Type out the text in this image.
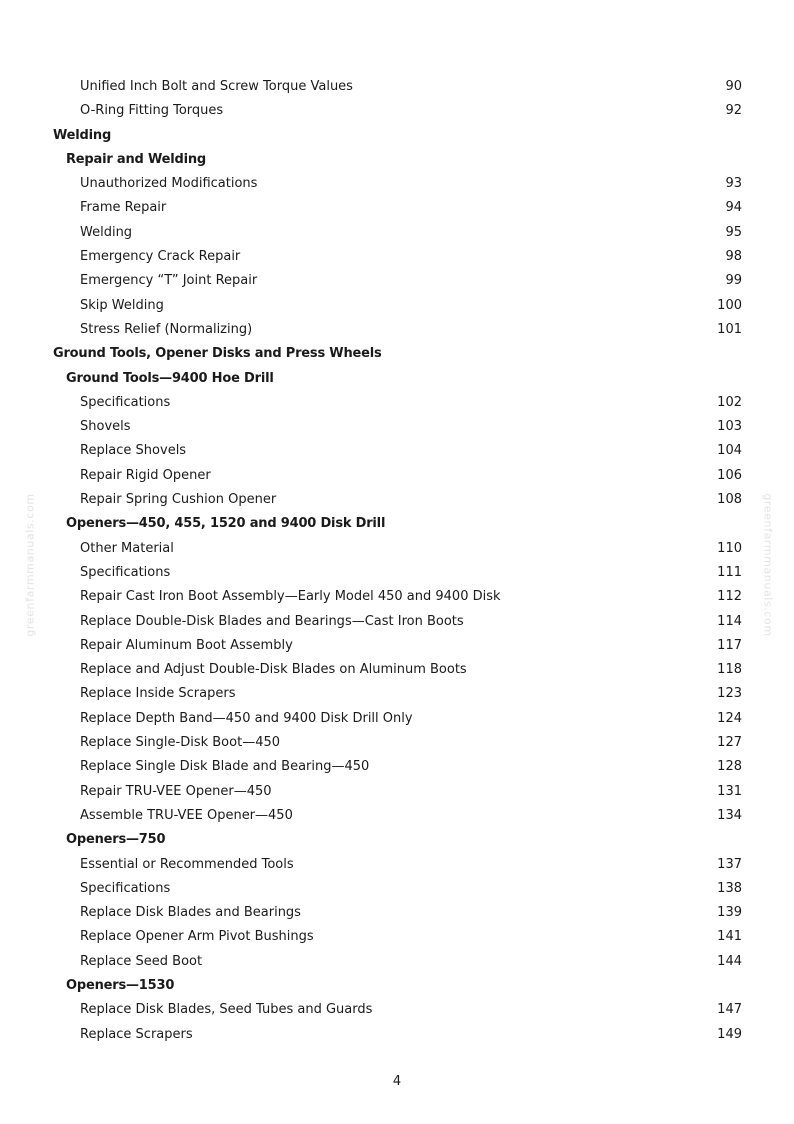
Unified Inch Bolt and Screw Torque Values	90
O-Ring Fitting Torques	92
Welding
Repair and Welding
Unauthorized Modifications	93
Frame Repair	94
Welding	95
Emergency Crack Repair	98
Emergency “T” Joint Repair	99
Skip Welding	100
Stress Relief (Normalizing)	101
Ground Tools, Opener Disks and Press Wheels
Ground Tools—9400 Hoe Drill
Specifications	102
Shovels	103
Replace Shovels	104
Repair Rigid Opener	106
Repair Spring Cushion Opener	108
Openers—450, 455, 1520 and 9400 Disk Drill
Other Material	110
Specifications	111
Repair Cast Iron Boot Assembly—Early Model 450 and 9400 Disk	112
Replace Double-Disk Blades and Bearings—Cast Iron Boots	114
Repair Aluminum Boot Assembly	117
Replace and Adjust Double-Disk Blades on Aluminum Boots	118
Replace Inside Scrapers	123
Replace Depth Band—450 and 9400 Disk Drill Only	124
Replace Single-Disk Boot—450	127
Replace Single Disk Blade and Bearing—450	128
Repair TRU-VEE Opener—450	131
Assemble TRU-VEE Opener—450	134
Openers—750
Essential or Recommended Tools	137
Specifications	138
Replace Disk Blades and Bearings	139
Replace Opener Arm Pivot Bushings	141
Replace Seed Boot	144
Openers—1530
Replace Disk Blades, Seed Tubes and Guards	147
Replace Scrapers	149
4
greenfarmmanuals.com	greenfarmmanuals.com
